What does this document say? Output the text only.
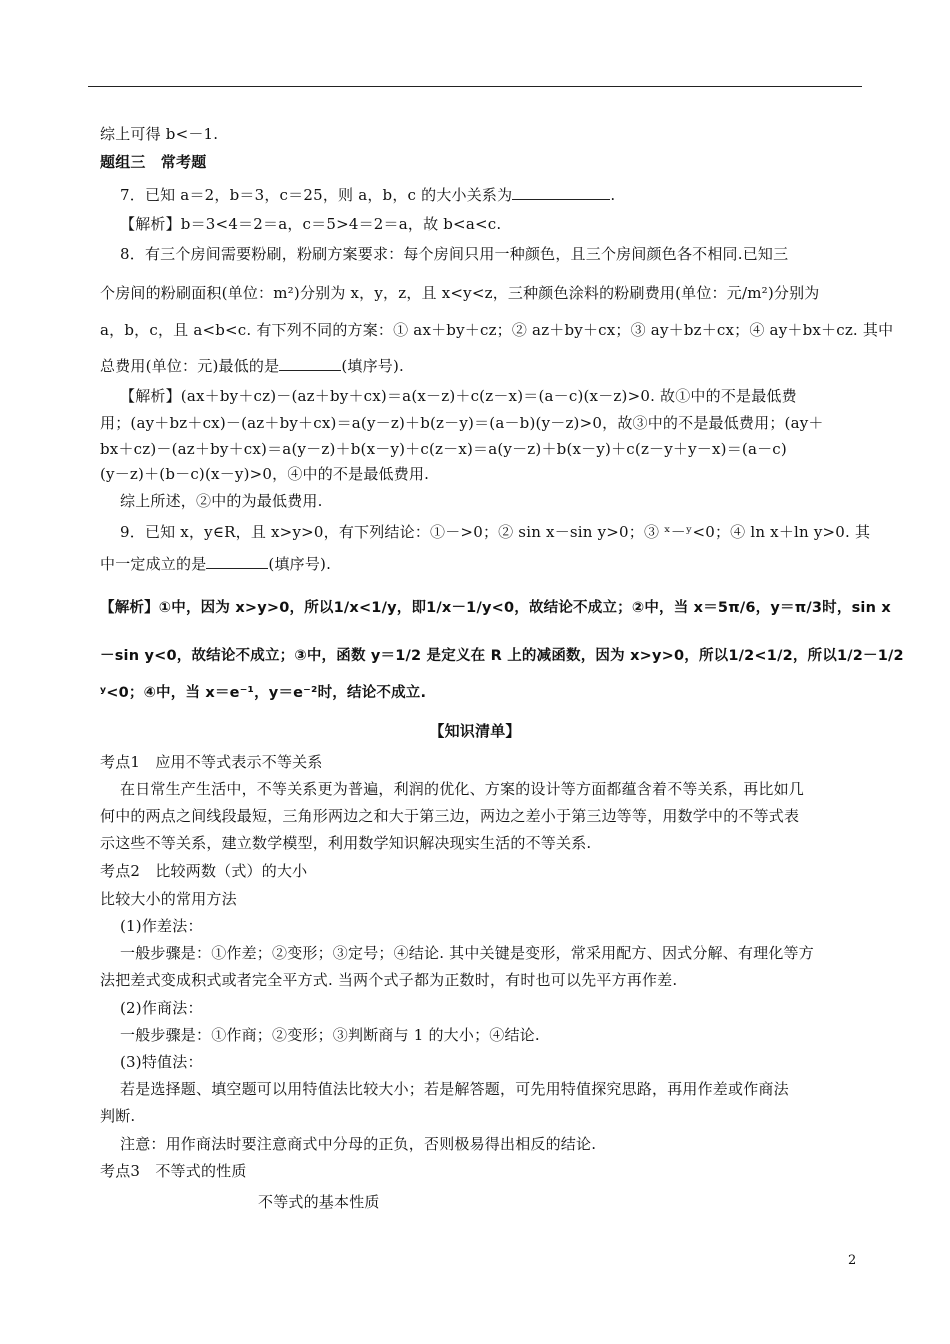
综上可得 b<－1.
题组三　常考题
7．已知 a＝2，b＝3，c＝25，则 a，b，c 的大小关系为	.
【解析】b＝3<4＝2＝a，c＝5>4＝2＝a，故 b<a<c.
8．有三个房间需要粉刷，粉刷方案要求：每个房间只用一种颜色，且三个房间颜色各不相同.已知三
个房间的粉刷面积(单位：m²)分别为 x，y，z，且 x<y<z，三种颜色涂料的粉刷费用(单位：元/m²)分别为
a，b，c，且 a<b<c. 有下列不同的方案：① ax＋by＋cz；② az＋by＋cx；③ ay＋bz＋cx；④ ay＋bx＋cz. 其中
总费用(单位：元)最低的是	(填序号).
【解析】(ax＋by＋cz)－(az＋by＋cx)＝a(x－z)＋c(z－x)＝(a－c)(x－z)>0. 故①中的不是最低费
用；(ay＋bz＋cx)－(az＋by＋cx)＝a(y－z)＋b(z－y)＝(a－b)(y－z)>0，故③中的不是最低费用；(ay＋
bx＋cz)－(az＋by＋cx)＝a(y－z)＋b(x－y)＋c(z－x)＝a(y－z)＋b(x－y)＋c(z－y＋y－x)＝(a－c)
(y－z)＋(b－c)(x－y)>0，④中的不是最低费用.
综上所述，②中的为最低费用.
9．已知 x，y∈R，且 x>y>0，有下列结论：①－>0；② sin x－sin y>0；③ ˣ－ʸ<0；④ ln x＋ln y>0. 其
中一定成立的是	(填序号).
【解析】①中，因为 x>y>0，所以1/x<1/y，即1/x－1/y<0，故结论不成立；②中，当 x＝5π/6，y＝π/3时，sin x
－sin y<0，故结论不成立；③中，函数 y＝1/2 是定义在 R 上的减函数，因为 x>y>0，所以1/2<1/2，所以1/2－1/2
ʸ<0；④中，当 x＝e⁻¹，y＝e⁻²时，结论不成立.
【知识清单】
考点1　应用不等式表示不等关系
在日常生产生活中，不等关系更为普遍，利润的优化、方案的设计等方面都蕴含着不等关系，再比如几
何中的两点之间线段最短，三角形两边之和大于第三边，两边之差小于第三边等等，用数学中的不等式表
示这些不等关系，建立数学模型，利用数学知识解决现实生活的不等关系.
考点2　比较两数（式）的大小
比较大小的常用方法
(1)作差法：
一般步骤是：①作差；②变形；③定号；④结论. 其中关键是变形，常采用配方、因式分解、有理化等方
法把差式变成积式或者完全平方式. 当两个式子都为正数时，有时也可以先平方再作差.
(2)作商法：
一般步骤是：①作商；②变形；③判断商与 1 的大小；④结论.
(3)特值法：
若是选择题、填空题可以用特值法比较大小；若是解答题，可先用特值探究思路，再用作差或作商法
判断.
注意：用作商法时要注意商式中分母的正负，否则极易得出相反的结论.
考点3　不等式的性质
不等式的基本性质
2
